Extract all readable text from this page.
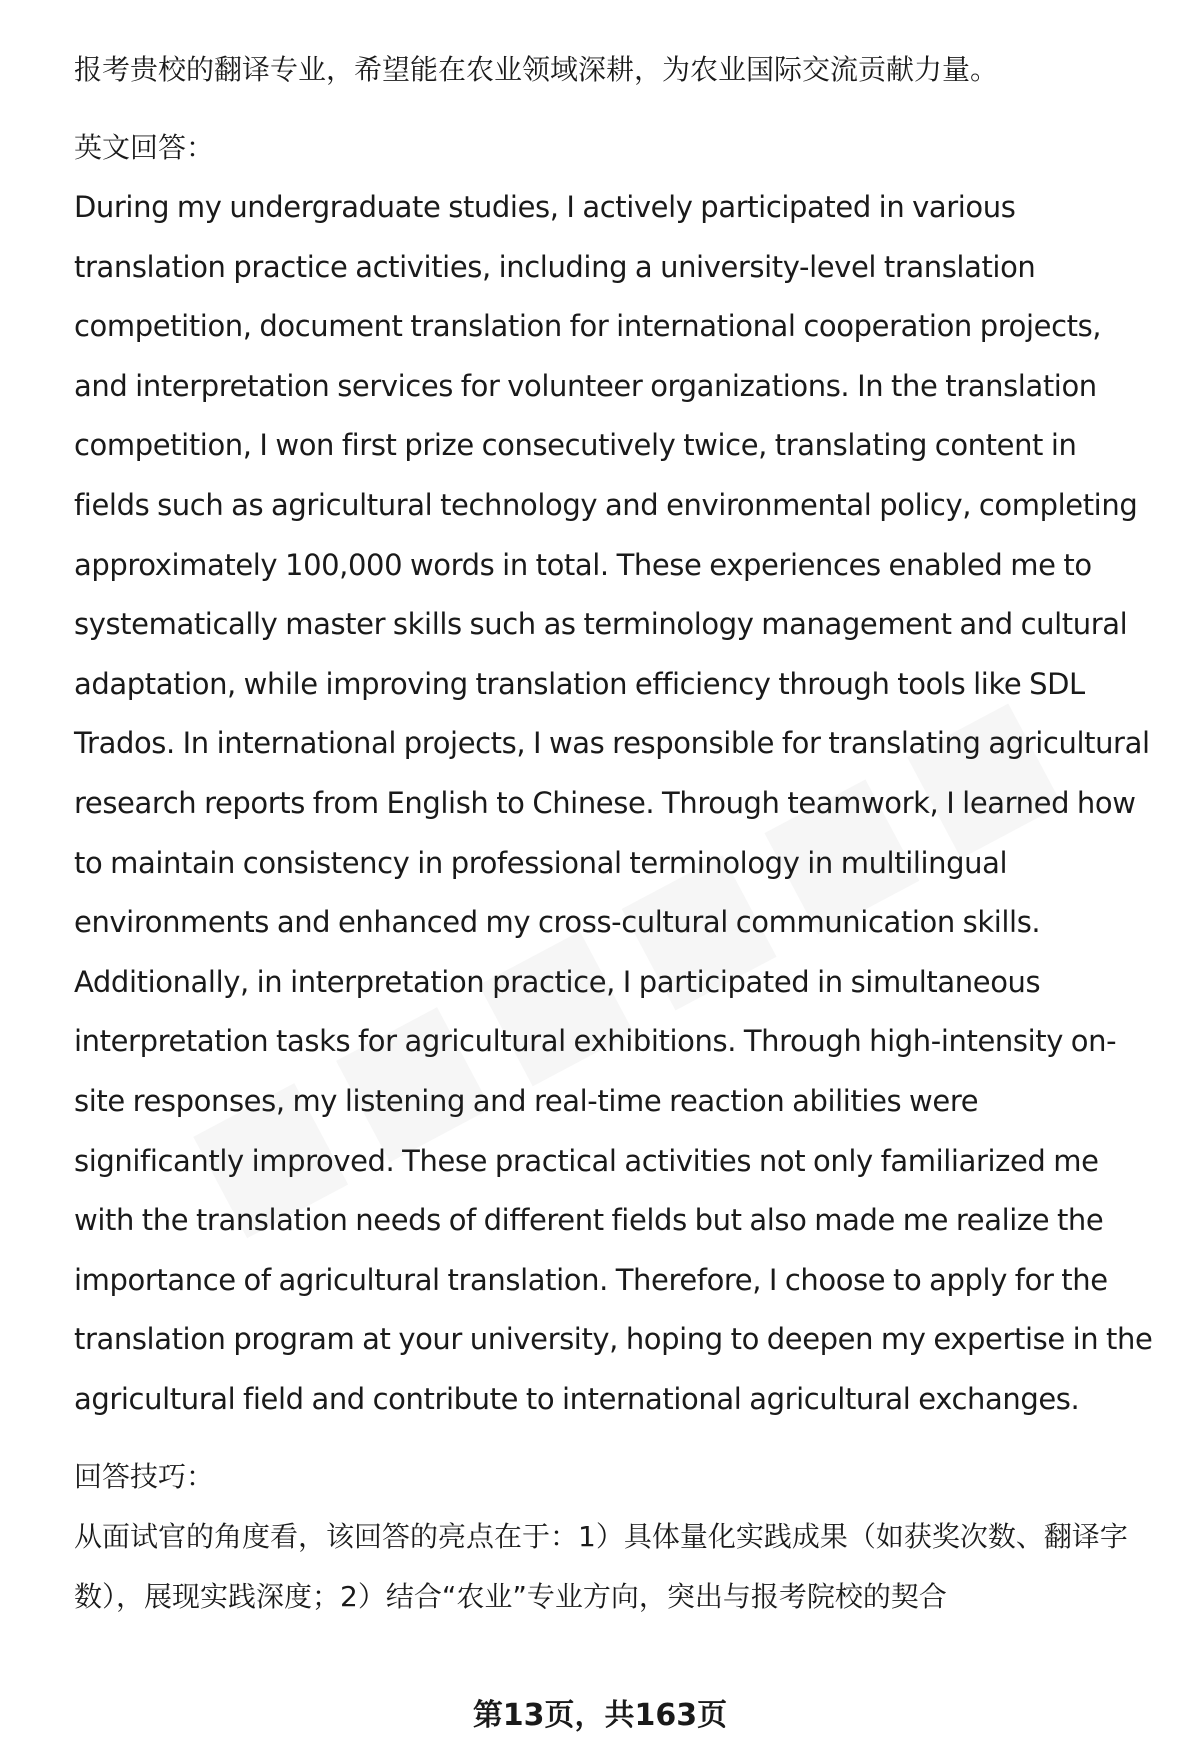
报考贵校的翻译专业，希望能在农业领域深耕，为农业国际交流贡献力量。

英文回答：

During my undergraduate studies, I actively participated in various translation practice activities, including a university-level translation competition, document translation for international cooperation projects, and interpretation services for volunteer organizations. In the translation competition, I won first prize consecutively twice, translating content in fields such as agricultural technology and environmental policy, completing approximately 100,000 words in total. These experiences enabled me to systematically master skills such as terminology management and cultural adaptation, while improving translation efficiency through tools like SDL Trados. In international projects, I was responsible for translating agricultural research reports from English to Chinese. Through teamwork, I learned how to maintain consistency in professional terminology in multilingual environments and enhanced my cross-cultural communication skills. Additionally, in interpretation practice, I participated in simultaneous interpretation tasks for agricultural exhibitions. Through high-intensity on-site responses, my listening and real-time reaction abilities were significantly improved. These practical activities not only familiarized me with the translation needs of different fields but also made me realize the importance of agricultural translation. Therefore, I choose to apply for the translation program at your university, hoping to deepen my expertise in the agricultural field and contribute to international agricultural exchanges.

回答技巧：

从面试官的角度看，该回答的亮点在于：1）具体量化实践成果（如获奖次数、翻译字数），展现实践深度；2）结合“农业”专业方向，突出与报考院校的契合

第13页，共163页
